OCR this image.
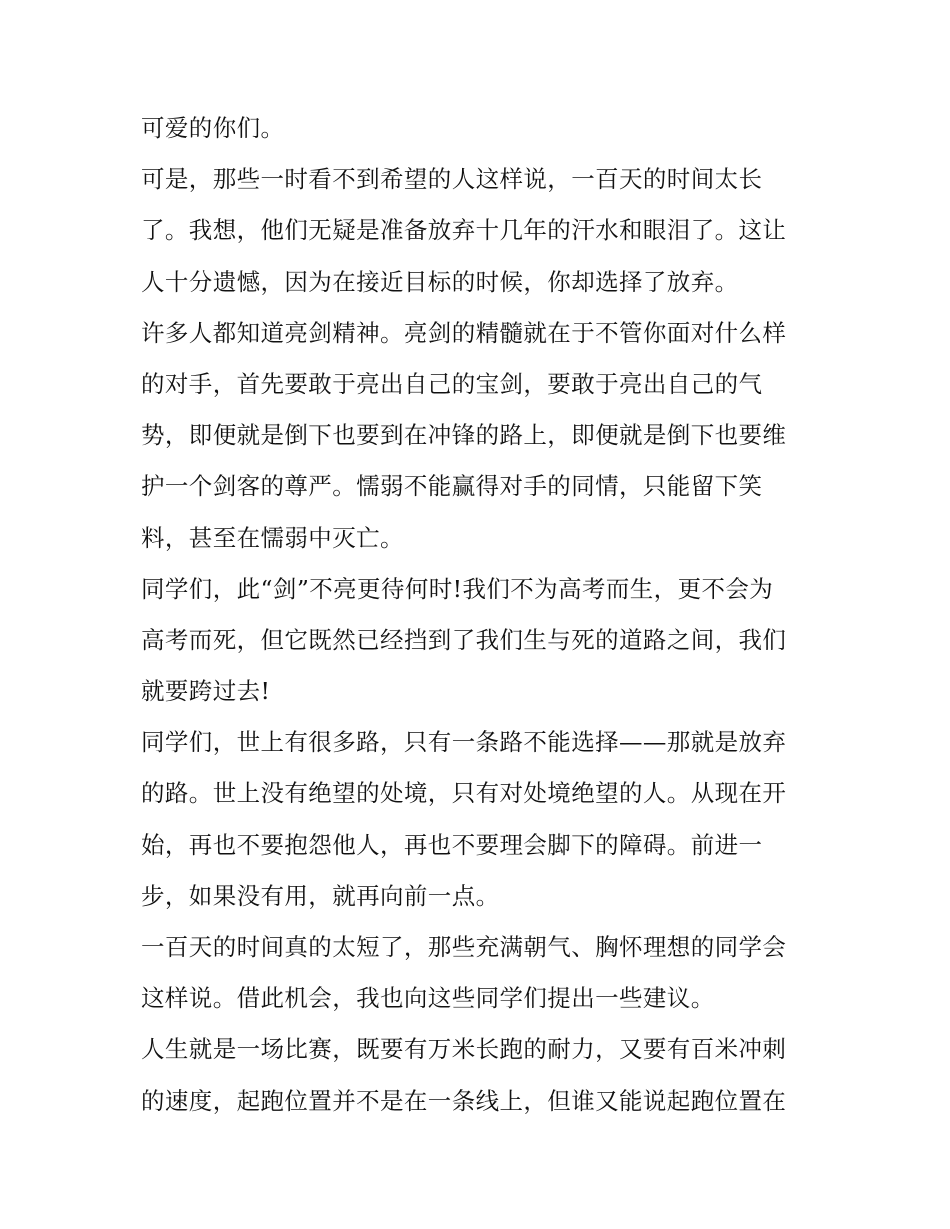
可爱的你们。
可是，那些一时看不到希望的人这样说，一百天的时间太长
了。我想，他们无疑是准备放弃十几年的汗水和眼泪了。这让
人十分遗憾，因为在接近目标的时候，你却选择了放弃。
许多人都知道亮剑精神。亮剑的精髓就在于不管你面对什么样
的对手，首先要敢于亮出自己的宝剑，要敢于亮出自己的气
势，即便就是倒下也要到在冲锋的路上，即便就是倒下也要维
护一个剑客的尊严。懦弱不能赢得对手的同情，只能留下笑
料，甚至在懦弱中灭亡。
同学们，此“剑”不亮更待何时!我们不为高考而生，更不会为
高考而死，但它既然已经挡到了我们生与死的道路之间，我们
就要跨过去!
同学们，世上有很多路，只有一条路不能选择——那就是放弃
的路。世上没有绝望的处境，只有对处境绝望的人。从现在开
始，再也不要抱怨他人，再也不要理会脚下的障碍。前进一
步，如果没有用，就再向前一点。
一百天的时间真的太短了，那些充满朝气、胸怀理想的同学会
这样说。借此机会，我也向这些同学们提出一些建议。
人生就是一场比赛，既要有万米长跑的耐力，又要有百米冲刺
的速度，起跑位置并不是在一条线上，但谁又能说起跑位置在
